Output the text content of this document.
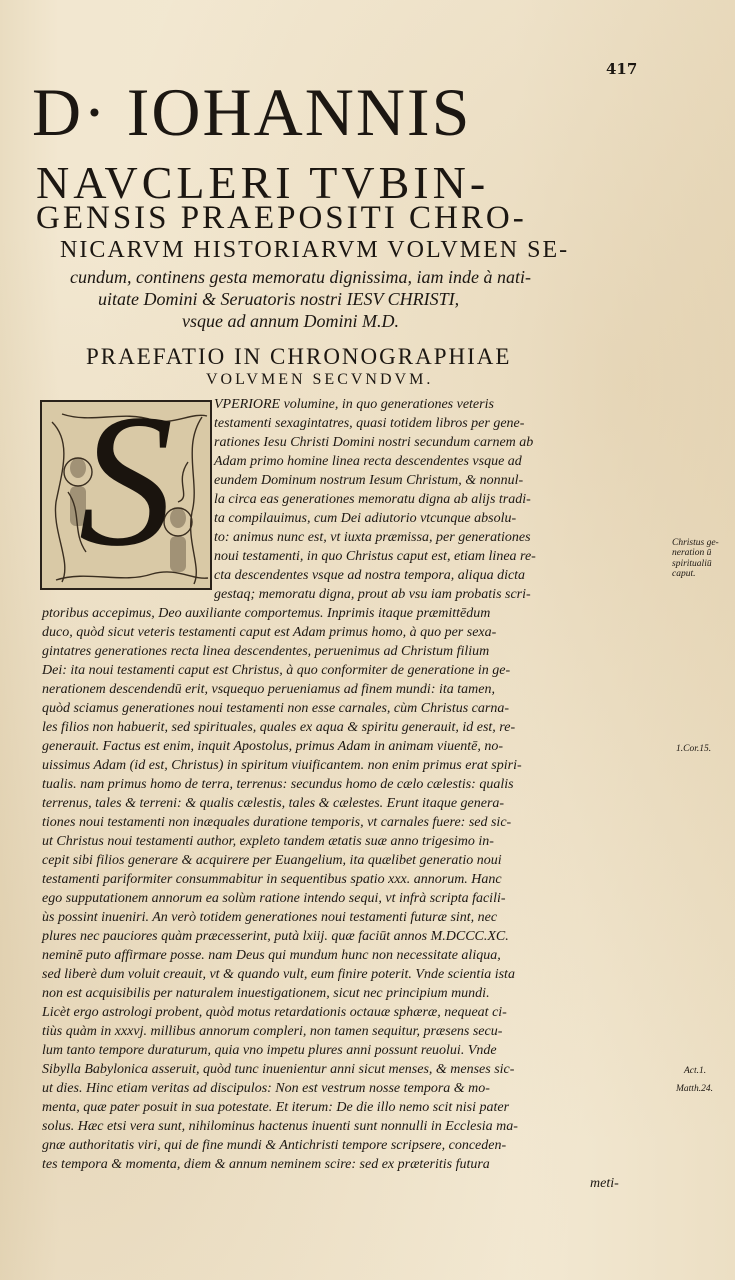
417
D· IOHANNIS
NAVCLERI TVBIN-
GENSIS PRAEPOSITI CHRO-
NICARVM HISTORIARVM VOLVMEN SE-
cundum, continens gesta memoratu dignissima, iam inde à nati-
uitate Domini & Seruatoris nostri IESV CHRISTI,
vsque ad annum Domini M.D.
PRAEFATIO IN CHRONOGRAPHIAE
VOLVMEN SECVNDVM.
S	VPERIORE volumine, in quo generationes veteris
testamenti sexagintatres, quasi totidem libros per gene-
rationes Iesu Christi Domini nostri secundum carnem ab
Adam primo homine linea recta descendentes vsque ad
eundem Dominum nostrum Iesum Christum, & nonnul-
la circa eas generationes memoratu digna ab alijs tradi-
ta compilauimus, cum Dei adiutorio vtcunque absolu-
to: animus nunc est, vt iuxta præmissa, per generationes
noui testamenti, in quo Christus caput est, etiam linea re-
cta descendentes vsque ad nostra tempora, aliqua dicta
gestaq; memoratu digna, prout ab vsu iam probatis scri-
ptoribus accepimus, Deo auxiliante comportemus. Inprimis itaque præmittēdum
duco, quòd sicut veteris testamenti caput est Adam primus homo, à quo per sexa-
gintatres generationes recta linea descendentes, peruenimus ad Christum filium
Dei: ita noui testamenti caput est Christus, à quo conformiter de generatione in ge-
nerationem descendendū erit, vsquequo perueniamus ad finem mundi: ita tamen,
quòd sciamus generationes noui testamenti non esse carnales, cùm Christus carna-
les filios non habuerit, sed spirituales, quales ex aqua & spiritu generauit, id est, re-
generauit. Factus est enim, inquit Apostolus, primus Adam in animam viuentē, no-
uissimus Adam (id est, Christus) in spiritum viuificantem. non enim primus erat spiri-
tualis. nam primus homo de terra, terrenus: secundus homo de cælo cælestis: qualis
terrenus, tales & terreni: & qualis cælestis, tales & cælestes. Erunt itaque genera-
tiones noui testamenti non inæquales duratione temporis, vt carnales fuere: sed sic-
ut Christus noui testamenti author, expleto tandem ætatis suæ anno trigesimo in-
cepit sibi filios generare & acquirere per Euangelium, ita quælibet generatio noui
testamenti pariformiter consummabitur in sequentibus spatio xxx. annorum. Hanc
ego supputationem annorum ea solùm ratione intendo sequi, vt infrà scripta facili-
ùs possint inueniri. An verò totidem generationes noui testamenti futuræ sint, nec
plures nec pauciores quàm præcesserint, putà lxiij. quæ faciūt annos M.DCCC.XC.
neminē puto affirmare posse. nam Deus qui mundum hunc non necessitate aliqua,
sed liberè dum voluit creauit, vt & quando vult, eum finire poterit. Vnde scientia ista
non est acquisibilis per naturalem inuestigationem, sicut nec principium mundi.
Licèt ergo astrologi probent, quòd motus retardationis octauæ sphæræ, nequeat ci-
tiùs quàm in xxxvj. millibus annorum compleri, non tamen sequitur, præsens secu-
lum tanto tempore duraturum, quia vno impetu plures anni possunt reuolui. Vnde
Sibylla Babylonica asseruit, quòd tunc inuenientur anni sicut menses, & menses sic-
ut dies. Hinc etiam veritas ad discipulos: Non est vestrum nosse tempora & mo-
menta, quæ pater posuit in sua potestate. Et iterum: De die illo nemo scit nisi pater
solus. Hæc etsi vera sunt, nihilominus hactenus inuenti sunt nonnulli in Ecclesia ma-
gnæ authoritatis viri, qui de fine mundi & Antichristi tempore scripsere, conceden-
tes tempora & momenta, diem & annum neminem scire: sed ex præteritis futura
meti-
Christus ge-
neration ū
spiritualiū
caput.
1.Cor.15.
Act.1.
Matth.24.
